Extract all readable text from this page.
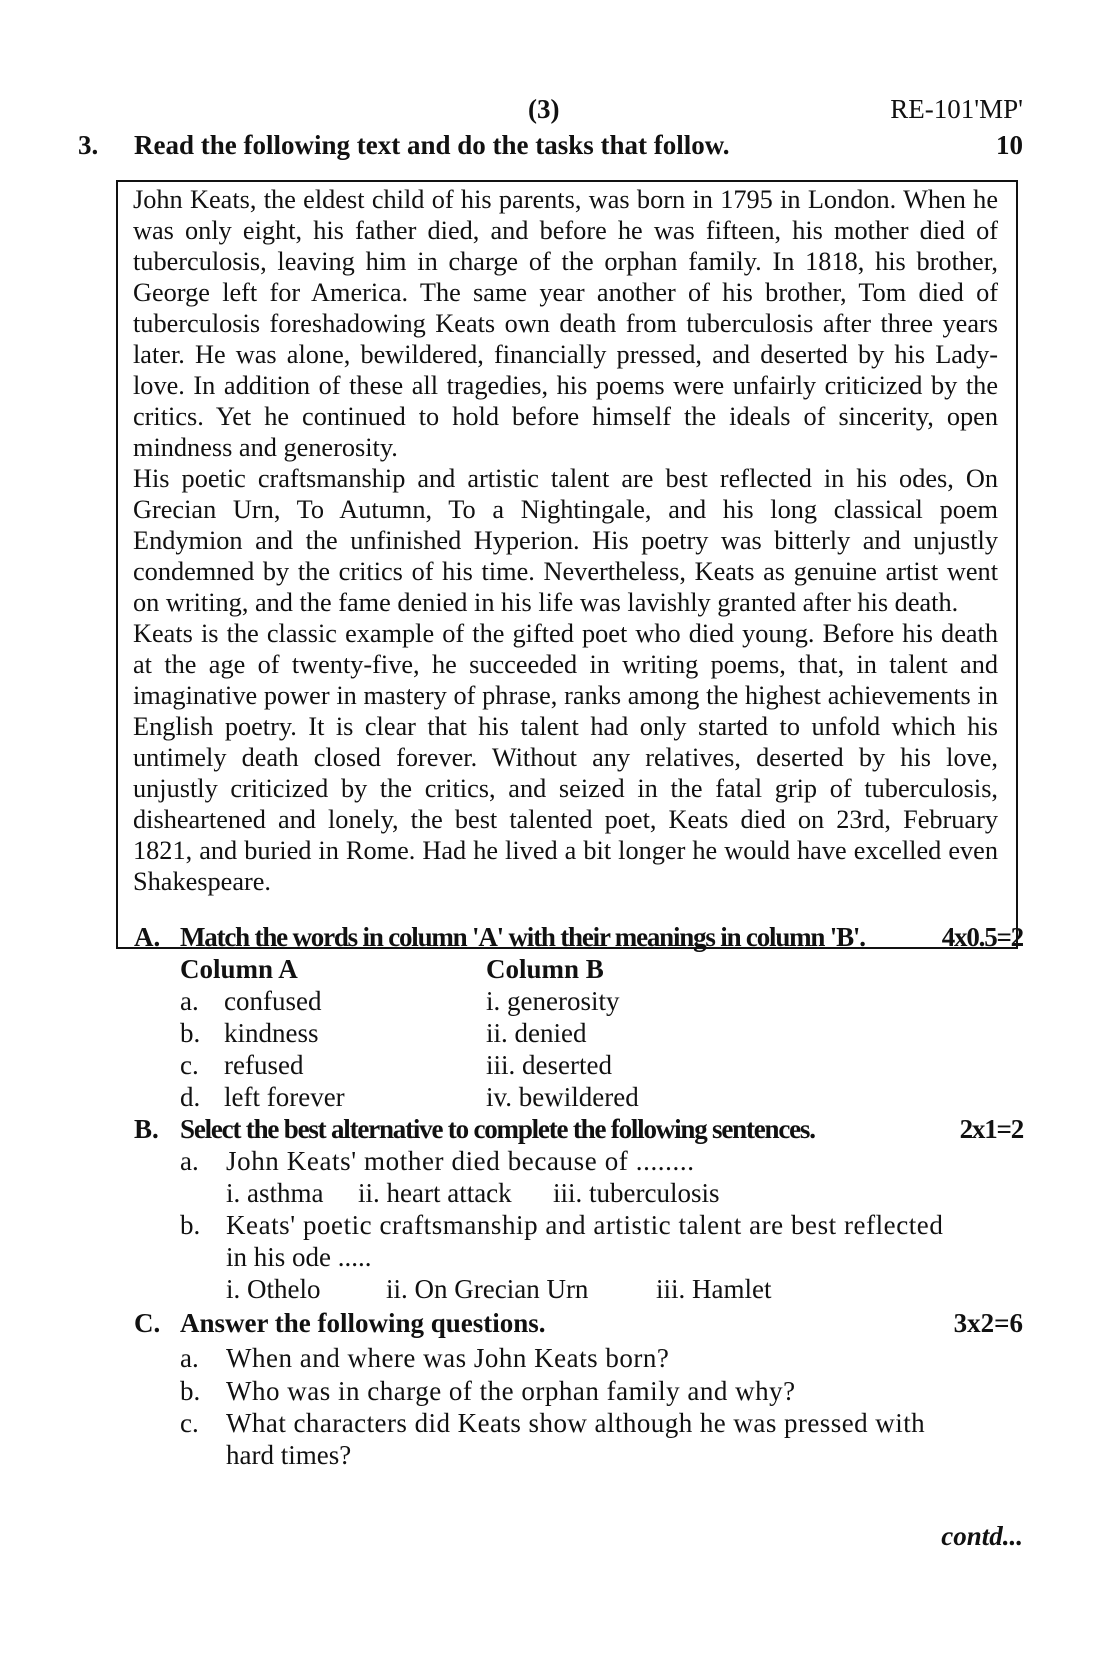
(3)	RE-101'MP'
3. Read the following text and do the tasks that follow.	10

John Keats, the eldest child of his parents, was born in 1795 in London. When he was only eight, his father died, and before he was fifteen, his mother died of tuberculosis, leaving him in charge of the orphan family. In 1818, his brother, George left for America. The same year another of his brother, Tom died of tuberculosis foreshadowing Keats own death from tuberculosis after three years later. He was alone, bewildered, financially pressed, and deserted by his Lady-love. In addition of these all tragedies, his poems were unfairly criticized by the critics. Yet he continued to hold before himself the ideals of sincerity, open mindness and generosity.

His poetic craftsmanship and artistic talent are best reflected in his odes, On Grecian Urn, To Autumn, To a Nightingale, and his long classical poem Endymion and the unfinished Hyperion. His poetry was bitterly and unjustly condemned by the critics of his time. Nevertheless, Keats as genuine artist went on writing, and the fame denied in his life was lavishly granted after his death.

Keats is the classic example of the gifted poet who died young. Before his death at the age of twenty-five, he succeeded in writing poems, that, in talent and imaginative power in mastery of phrase, ranks among the highest achievements in English poetry. It is clear that his talent had only started to unfold which his untimely death closed forever. Without any relatives, deserted by his love, unjustly criticized by the critics, and seized in the fatal grip of tuberculosis, disheartened and lonely, the best talented poet, Keats died on 23rd, February 1821, and buried in Rome. Had he lived a bit longer he would have excelled even Shakespeare.

A. Match the words in column 'A' with their meanings in column 'B'.	4x0.5=2
Column A	Column B
a. confused	i. generosity
b. kindness	ii. denied
c. refused	iii. deserted
d. left forever	iv. bewildered
B. Select the best alternative to complete the following sentences.	2x1=2
a. John Keats' mother died because of ........
i. asthma ii. heart attack iii. tuberculosis
b. Keats' poetic craftsmanship and artistic talent are best reflected
in his ode .....
i. Othelo ii. On Grecian Urn	iii. Hamlet
C. Answer the following questions.	3x2=6
a. When and where was John Keats born?
b. Who was in charge of the orphan family and why?
c. What characters did Keats show although he was pressed with
hard times?
contd...
